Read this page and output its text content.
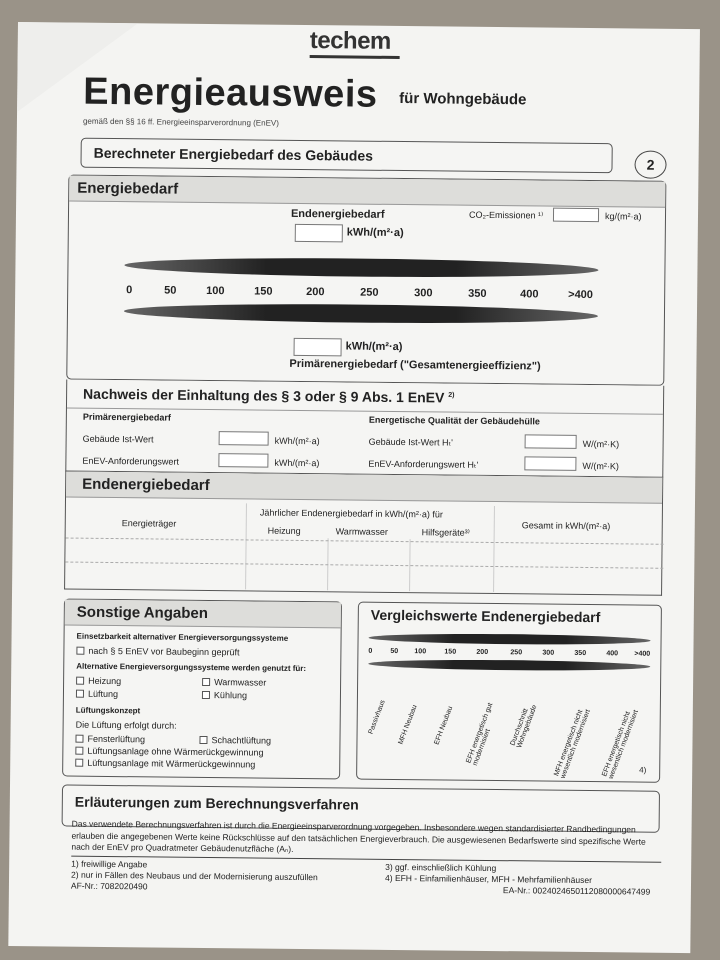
techem
Energieausweis für Wohngebäude
gemäß den §§ 16 ff. Energieeinsparverordnung (EnEV)
Berechneter Energiebedarf des Gebäudes
2
Energiebedarf
Endenergiebedarf
kWh/(m²·a)
CO₂-Emissionen ¹⁾	kg/(m²·a)
0	50	100	150	200	250	300	350	400	>400
kWh/(m²·a)
Primärenergiebedarf ("Gesamtenergieeffizienz")
Nachweis der Einhaltung des § 3 oder § 9 Abs. 1 EnEV $^{2)}$
Primärenergiebedarf
Gebäude Ist-Wert	kWh/(m²·a)
EnEV-Anforderungswert	kWh/(m²·a)
Energetische Qualität der Gebäudehülle
Gebäude Ist-Wert Hₜ'	W/(m²·K)
EnEV-Anforderungswert Hₜ'	W/(m²·K)
Endenergiebedarf
Energieträger
Jährlicher Endenergiebedarf in kWh/(m²·a) für
Heizung	Warmwasser	Hilfsgeräte³⁾
Gesamt in kWh/(m²·a)
Sonstige Angaben
Einsetzbarkeit alternativer Energieversorgungssysteme
nach § 5 EnEV vor Baubeginn geprüft
Alternative Energieversorgungssysteme werden genutzt für:
Heizung	Warmwasser
Lüftung	Kühlung
Lüftungskonzept
Die Lüftung erfolgt durch:
Fensterlüftung	Schachtlüftung
Lüftungsanlage ohne Wärmerückgewinnung
Lüftungsanlage mit Wärmerückgewinnung
Vergleichswerte Endenergiebedarf
0	50 100	150	200	250	300	350	400 >400
Passivhaus MFH Neubau EFH Neubau EFH energetisch gut modernisiert
Durchschnitt Wohngebäude	MFH energetisch nicht wesentlich modernisiert	EFH energetisch nicht wesentlich modernisiert 4)
Erläuterungen zum Berechnungsverfahren
Das verwendete Berechnungsverfahren ist durch die Energieeinsparverordnung vorgegeben. Insbesondere wegen standardisierter Randbedingungen erlauben die angegebenen Werte keine Rückschlüsse auf den tatsächlichen Energieverbrauch. Die ausgewiesenen Bedarfswerte sind spezifische Werte nach der EnEV pro Quadratmeter Gebäudenutzfläche (Aₙ).
1) freiwillige Angabe
2) nur in Fällen des Neubaus und der Modernisierung auszufüllen
AF-Nr.: 7082020490
3) ggf. einschließlich Kühlung
4) EFH - Einfamilienhäuser, MFH - Mehrfamilienhäuser
EA-Nr.: 00240246501120800006474​99
